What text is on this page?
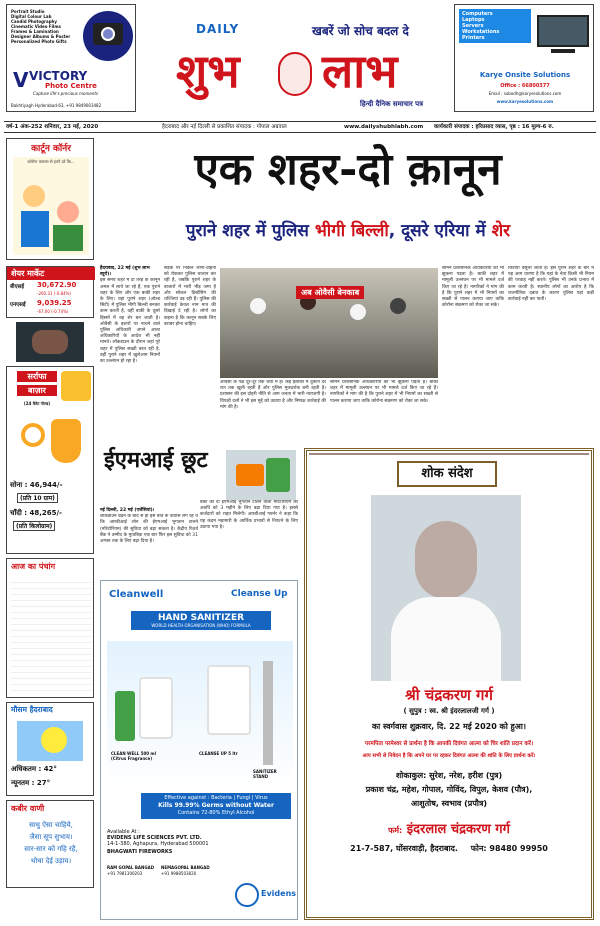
Portrait Studio
Digital Colour Lab
Candid Photography
Cinematic Video Films
Frames & Lamination
Designer Albums & Poster
Personalized Photo Gifts
V VICTORY
Photo Centre
Capture life's precious moments
Bakhtiyagh Hyderabad-63, +91 9849003482
DAILY
शुभ लाभ
खबरें जो सोच बदल दे
हिन्दी दैनिक समाचार पत्र
Computers
Laptops
Servers
Workstations
Printers
Karye Onsite Solutions
Office : 66800377
Email : subodh@karyesolutions.com
www.karyesolutions.com
वर्ष-1 अंक-252 शनिवार, 23 मई, 2020	हैदराबाद और नई दिल्ली से प्रकाशित संपादक : गोपाल अग्रवाल	www.dailyshubhlabh.com कार्यकारी संपादक : हरिप्रसाद व्यास, पृष्ठ : 16 मूल्य-6 रु.
कार्टून कॉर्नर
कोरोना वायरस से इतने डरे कि...
शेयर मार्केट
बीएसई 30,672.90
-260.31 (-0.84%)
एनएसई 9,039.25
-67.00 (-0.74%)
सर्राफा
बाज़ार
(24 कैरेट गोल्ड)
सोना : 46,944/-
(प्रति 10 ग्राम)
चाँदी : 48,265/-
(प्रति किलोग्राम)
आज का पंचांग
मौसम हैदराबाद
अधिकतम : 42°
न्यूनतम : 27°
कबीर वाणी
साधु ऐसा चाहिये,
जैसा सूप सुभाय।
सार-सार को गहि रहै,
थोथा देई उड़ाय।
एक शहर-दो क़ानून
पुराने शहर में पुलिस भीगी बिल्ली, दूसरे एरिया में शेर
हैदराबाद, 22 मई (शुभ लाभ ब्यूरो)।
इस समय शहर में दो तरह के कानून अमल में लाये जा रहे हैं, एक पुराने शहर के लिए और एक बाकी शहर के लिए। यहां पुराने शहर (ओल्ड सिटी) में पुलिस भीगी बिल्ली बनकर काम करती है, वहीं बाकी के दूसरे हिस्सों में वह शेर बन जाती है। ओवैसी के इशारों पर नाचने वाले पुलिस अधिकारी अपने आला अधिकारियों के आदेश भी नहीं मानते। लॉकडाउन के दौरान जहां पूरे शहर में पुलिस सख्ती बरत रही है, वहीं पुराने शहर में खुलेआम नियमों का उल्लंघन हो रहा है।
सड़क पर निकले लोगों-वाहनों को रोककर पुलिस चालान कर रही है, जबकि पुराने शहर के बाजारों में भारी भीड़ जमा है और सोशल डिस्टेंसिंग की धज्जियां उड़ रही हैं। पुलिस की कार्रवाई केवल नाम मात्र की दिखाई दे रही है। लोगों का कहना है कि कानून सबके लिए बराबर होना चाहिए।
अब ओवैसी बेनकाब
ओवैसी के पक्ष दूर-दूर तक चर्चा में हैं। कई इलाकों में दुकानें देर रात तक खुली रहती हैं और पुलिस मूकदर्शक बनी रहती है। प्रशासन की इस दोहरी नीति से आम जनता में भारी नाराजगी है। विपक्षी दलों ने भी इस मुद्दे को उठाया है और निष्पक्ष कार्रवाई की मांग की है।
सामने प्रशासनिक अधिकारियों को भी झुकना पड़ता है। बाकी शहर में मामूली उल्लंघन पर भी मामले दर्ज किए जा रहे हैं। नागरिकों ने मांग की है कि पुराने शहर में भी नियमों का सख्ती से पालन कराया जाए ताकि कोरोना संक्रमण को रोका जा सके।
सामने प्रशासनिक अधिकारियों को भी झुकना पड़ता है। बाकी शहर में मामूली उल्लंघन पर भी मामले दर्ज किए जा रहे हैं। नागरिकों ने मांग की है कि पुराने शहर में भी नियमों का सख्ती से पालन कराया जाए ताकि कोरोना संक्रमण को रोका जा सके।
किराया वसूला जाता है। इस पुराने शहर के बारे में यह आम धारणा है कि यहां के नेता किसी भी नियम की परवाह नहीं करते। पुलिस भी उनके प्रभाव में काम करती है। स्थानीय लोगों का आरोप है कि राजनीतिक दबाव के कारण पुलिस यहां कड़ी कार्रवाई नहीं कर पाती।
ईएमआई छूट
नई दिल्ली, 22 मई (एजेंसियां)।
लॉकडाउन बढ़ने के बाद से ही इस बात के कयास लग रहे थे कि आरबीआई लोन की ईएमआई भुगतान टालने (मोरेटोरियम) की सुविधा को बढ़ा सकता है। केंद्रीय रिज़र्व बैंक ने उम्मीद के मुताबिक़ एक बार फिर इस सुविधा को 31 अगस्त तक के लिए बढ़ा दिया है।
बैंकों को दी ईएमआई भुगतान टालने वाली मोरेटोरियम की अवधि को 3 महीने के लिए बढ़ा दिया गया है। इससे कर्जदारों को राहत मिलेगी। आरबीआई गवर्नर ने कहा कि यह कदम महामारी के आर्थिक प्रभावों से निपटने के लिए उठाया गया है।
Cleanwell	Cleanse Up
HAND SANITIZER
WORLD HEALTH ORGANISATION (WHO) FORMULA
CLEAN WELL 500 ml (Citrus Fragrance)
CLEANSE UP 5 ltr
SANITIZER STAND
Effective against : Bacteria | Fungi | Virus
Kills 99.99% Germs without Water
Contains 72-80% Ethyl Alcohol
Available At :
EVIDENS LIFE SCIENCES PVT. LTD.
14-1-380, Aghapura, Hyderabad 500001
BHAGWATI FIREWORKS
RAM GOPAL BANGAD
+91 7981300203
NEMAGOPAL BANGAD
+91 9988503820
Evidens
शोक संदेश
श्री चंद्रकरण गर्ग
( सुपुत्र : स्व. श्री इंदरलालजी गर्ग )
का स्वर्गवास शुक्रवार, दि. 22 मई 2020 को हुआ।
परमपिता परमेश्वर से प्रार्थना है कि आपकी दिवंगत आत्मा को चिर शांति प्रदान करें।
आप सभी से निवेदन है कि अपने घर पर रहकर दिवंगत आत्मा की शांति के लिए प्रार्थना करें।
शोकाकुल: सुरेश, नरेश, हरीश (पुत्र)
प्रकाश चंद्र, महेश, गोपाल, गोविंद, विपुल, केशव (पौत्र),
आशुतोष, स्वभाव (प्रपौत्र)
फर्म: इंदरलाल चंद्रकरण गर्ग
21-7-587, घोंसरवाड़ी, हैदराबाद. फोन: 98480 99950
